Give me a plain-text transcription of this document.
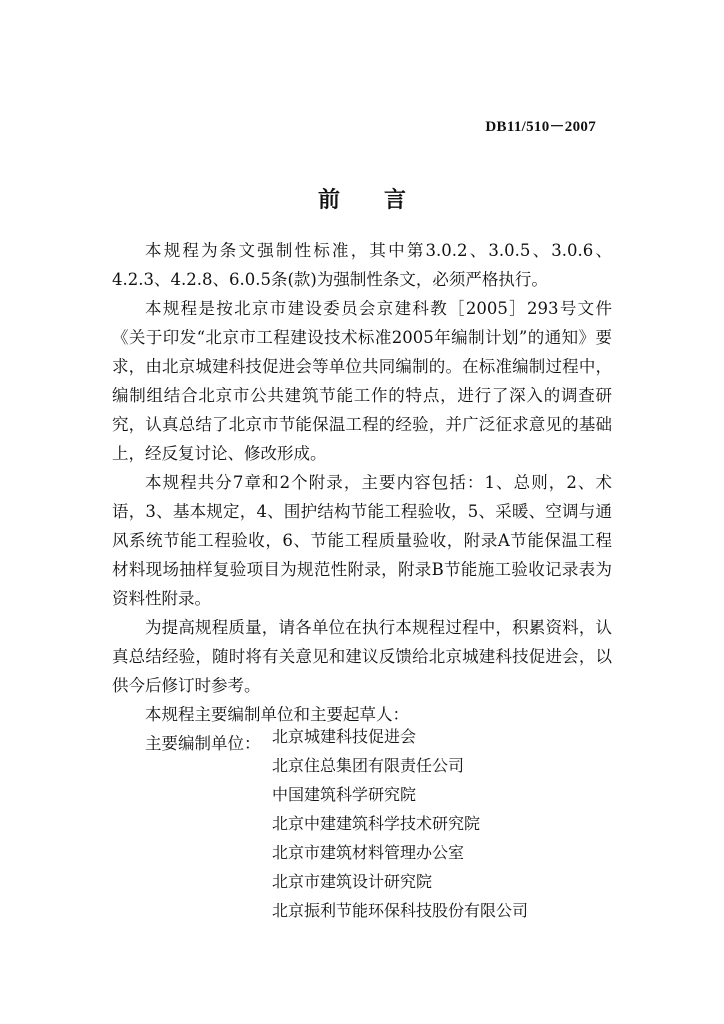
DB11/510－2007
前 言

本规程为条文强制性标准，其中第3.0.2、3.0.5、3.0.6、4.2.3、4.2.8、6.0.5条(款)为强制性条文，必须严格执行。

本规程是按北京市建设委员会京建科教［2005］293号文件《关于印发“北京市工程建设技术标准2005年编制计划”的通知》要求，由北京城建科技促进会等单位共同编制的。在标准编制过程中，编制组结合北京市公共建筑节能工作的特点，进行了深入的调查研究，认真总结了北京市节能保温工程的经验，并广泛征求意见的基础上，经反复讨论、修改形成。

本规程共分7章和2个附录，主要内容包括：1、总则，2、术语，3、基本规定，4、围护结构节能工程验收，5、采暖、空调与通风系统节能工程验收，6、节能工程质量验收，附录A节能保温工程材料现场抽样复验项目为规范性附录，附录B节能施工验收记录表为资料性附录。

为提高规程质量，请各单位在执行本规程过程中，积累资料，认真总结经验，随时将有关意见和建议反馈给北京城建科技促进会，以供今后修订时参考。

本规程主要编制单位和主要起草人：

主要编制单位： 北京城建科技促进会
北京住总集团有限责任公司
中国建筑科学研究院
北京中建建筑科学技术研究院
北京市建筑材料管理办公室
北京市建筑设计研究院
北京振利节能环保科技股份有限公司
